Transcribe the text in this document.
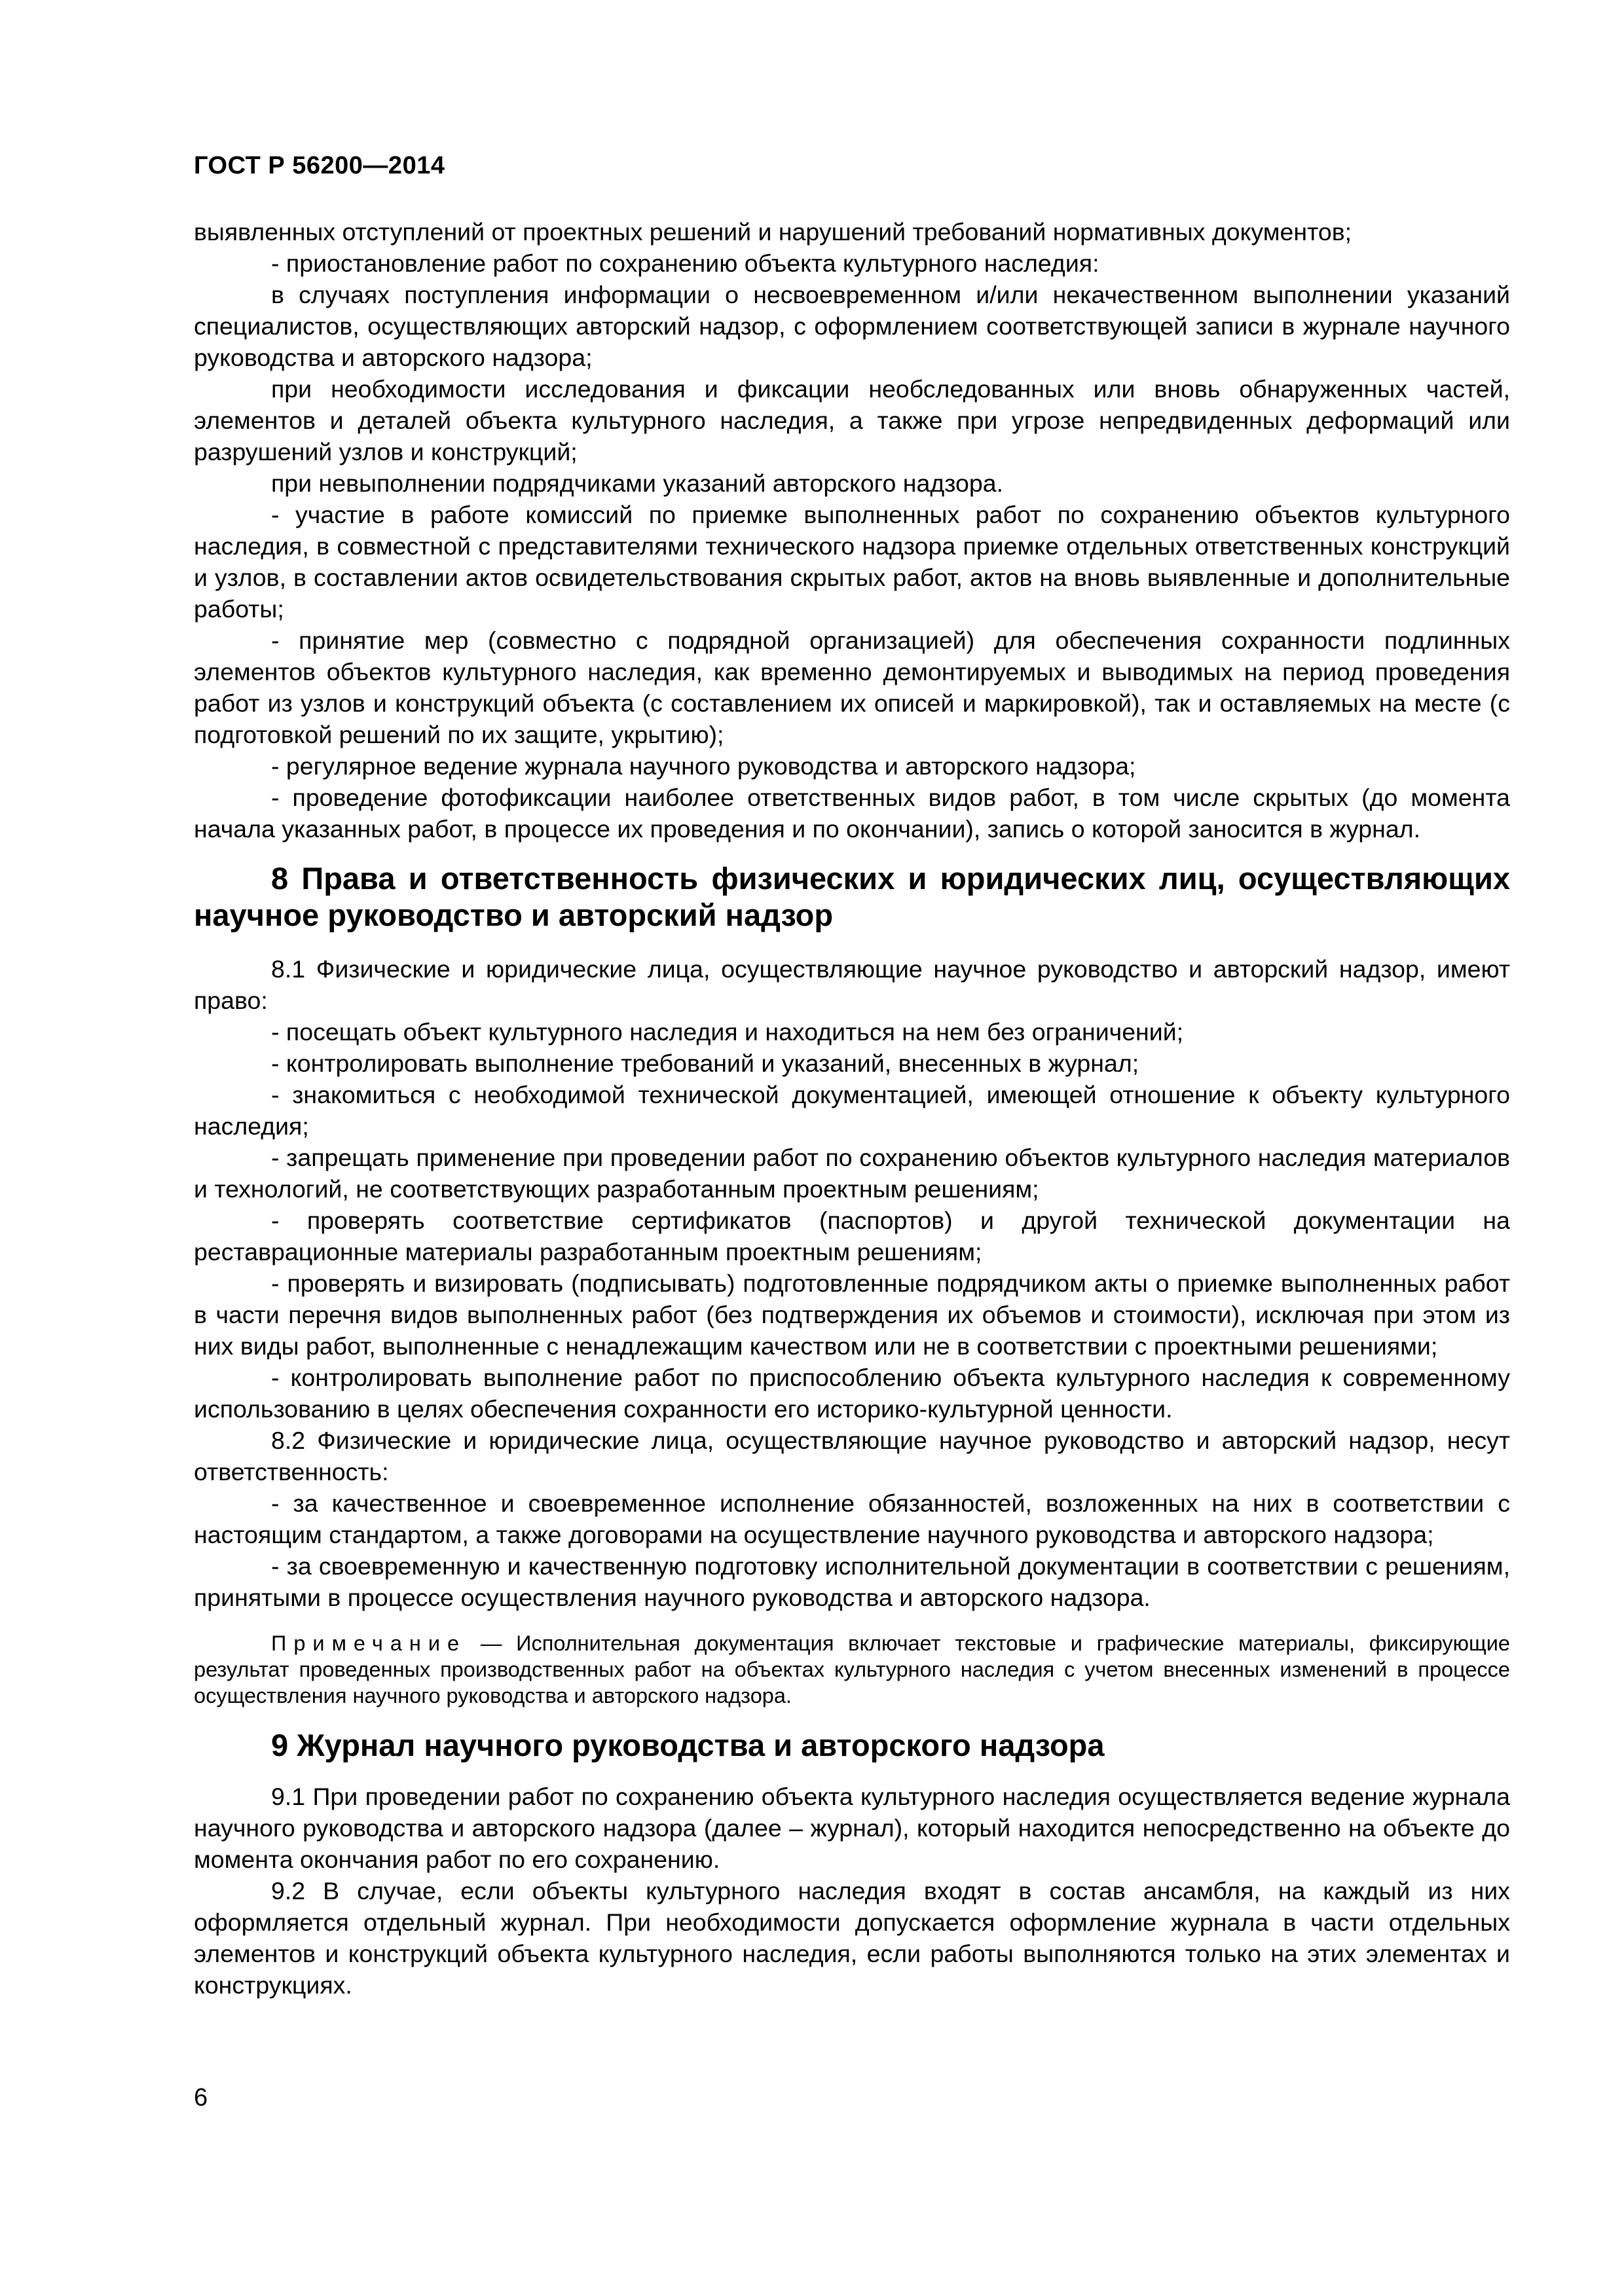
ГОСТ Р 56200—2014

выявленных отступлений от проектных решений и нарушений требований нормативных документов;

- приостановление работ по сохранению объекта культурного наследия:

в случаях поступления информации о несвоевременном и/или некачественном выполнении указаний специалистов, осуществляющих авторский надзор, с оформлением соответствующей записи в журнале научного руководства и авторского надзора;

при необходимости исследования и фиксации необследованных или вновь обнаруженных частей, элементов и деталей объекта культурного наследия, а также при угрозе непредвиденных деформаций или разрушений узлов и конструкций;

при невыполнении подрядчиками указаний авторского надзора.

- участие в работе комиссий по приемке выполненных работ по сохранению объектов культурного наследия, в совместной с представителями технического надзора приемке отдельных ответственных конструкций и узлов, в составлении актов освидетельствования скрытых работ, актов на вновь выявленные и дополнительные работы;

- принятие мер (совместно с подрядной организацией) для обеспечения сохранности подлинных элементов объектов культурного наследия, как временно демонтируемых и выводимых на период проведения работ из узлов и конструкций объекта (с составлением их описей и маркировкой), так и оставляемых на месте (с подготовкой решений по их защите, укрытию);

- регулярное ведение журнала научного руководства и авторского надзора;

- проведение фотофиксации наиболее ответственных видов работ, в том числе скрытых (до момента начала указанных работ, в процессе их проведения и по окончании), запись о которой заносится в журнал.

8 Права и ответственность физических и юридических лиц, осуществляющих научное руководство и авторский надзор

8.1 Физические и юридические лица, осуществляющие научное руководство и авторский надзор, имеют право:

- посещать объект культурного наследия и находиться на нем без ограничений;

- контролировать выполнение требований и указаний, внесенных в журнал;

- знакомиться с необходимой технической документацией, имеющей отношение к объекту культурного наследия;

- запрещать применение при проведении работ по сохранению объектов культурного наследия материалов и технологий, не соответствующих разработанным проектным решениям;

- проверять соответствие сертификатов (паспортов) и другой технической документации на реставрационные материалы разработанным проектным решениям;

- проверять и визировать (подписывать) подготовленные подрядчиком акты о приемке выполненных работ в части перечня видов выполненных работ (без подтверждения их объемов и стоимости), исключая при этом из них виды работ, выполненные с ненадлежащим качеством или не в соответствии с проектными решениями;

- контролировать выполнение работ по приспособлению объекта культурного наследия к современному использованию в целях обеспечения сохранности его историко-культурной ценности.

8.2 Физические и юридические лица, осуществляющие научное руководство и авторский надзор, несут ответственность:

- за качественное и своевременное исполнение обязанностей, возложенных на них в соответствии с настоящим стандартом, а также договорами на осуществление научного руководства и авторского надзора;

- за своевременную и качественную подготовку исполнительной документации в соответствии с решениям, принятыми в процессе осуществления научного руководства и авторского надзора.

Примечание — Исполнительная документация включает текстовые и графические материалы, фиксирующие результат проведенных производственных работ на объектах культурного наследия с учетом внесенных изменений в процессе осуществления научного руководства и авторского надзора.

9 Журнал научного руководства и авторского надзора

9.1 При проведении работ по сохранению объекта культурного наследия осуществляется ведение журнала научного руководства и авторского надзора (далее – журнал), который находится непосредственно на объекте до момента окончания работ по его сохранению.

9.2 В случае, если объекты культурного наследия входят в состав ансамбля, на каждый из них оформляется отдельный журнал. При необходимости допускается оформление журнала в части отдельных элементов и конструкций объекта культурного наследия, если работы выполняются только на этих элементах и конструкциях.

6
